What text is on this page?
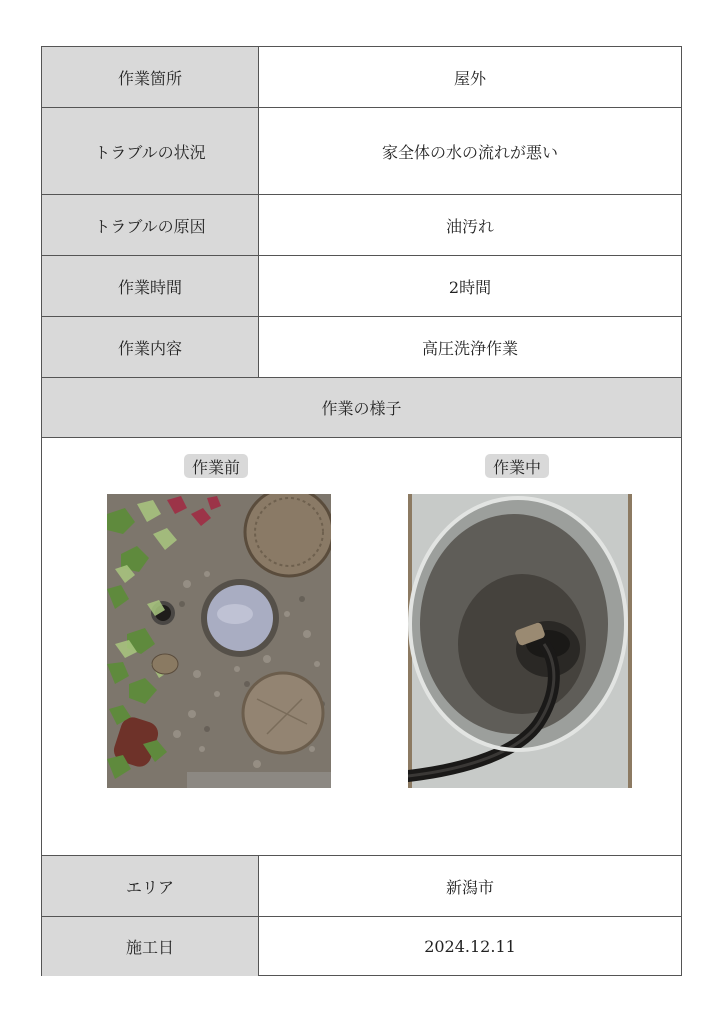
作業箇所	屋外
トラブルの状況	家全体の水の流れが悪い
トラブルの原因	油汚れ
作業時間	2時間
作業内容	高圧洗浄作業
作業の様子
作業前	作業中
エリア	新潟市
施工日	2024.12.11
